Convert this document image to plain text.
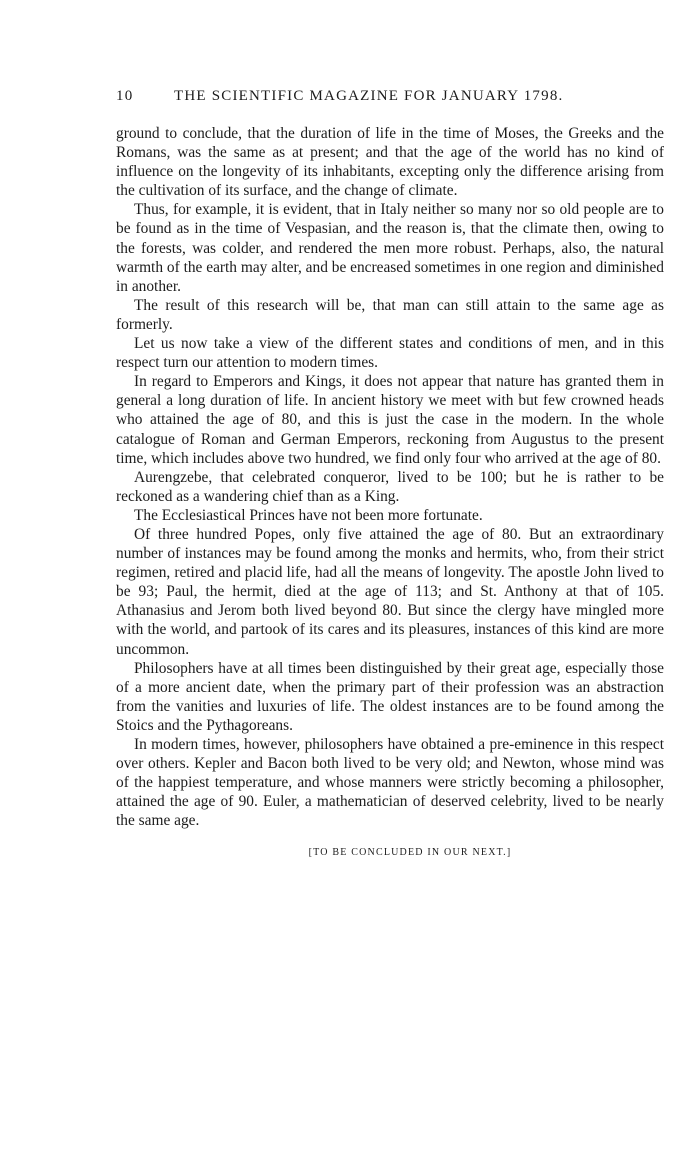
10	THE SCIENTIFIC MAGAZINE FOR JANUARY 1798.

ground to conclude, that the duration of life in the time of Moses, the Greeks and the Romans, was the same as at present; and that the age of the world has no kind of influence on the longevity of its inhabitants, excepting only the difference arising from the cultivation of its surface, and the change of climate.

Thus, for example, it is evident, that in Italy neither so many nor so old people are to be found as in the time of Vespasian, and the reason is, that the climate then, owing to the forests, was colder, and rendered the men more robust. Perhaps, also, the natural warmth of the earth may alter, and be encreased sometimes in one region and diminished in another.

The result of this research will be, that man can still attain to the same age as formerly.

Let us now take a view of the different states and conditions of men, and in this respect turn our attention to modern times.

In regard to Emperors and Kings, it does not appear that nature has granted them in general a long duration of life. In ancient history we meet with but few crowned heads who attained the age of 80, and this is just the case in the modern. In the whole catalogue of Roman and German Emperors, reckoning from Augustus to the present time, which includes above two hundred, we find only four who arrived at the age of 80.

Aurengzebe, that celebrated conqueror, lived to be 100; but he is rather to be reckoned as a wandering chief than as a King.

The Ecclesiastical Princes have not been more fortunate.

Of three hundred Popes, only five attained the age of 80. But an extraordinary number of instances may be found among the monks and hermits, who, from their strict regimen, retired and placid life, had all the means of longevity. The apostle John lived to be 93; Paul, the hermit, died at the age of 113; and St. Anthony at that of 105. Athanasius and Jerom both lived beyond 80. But since the clergy have mingled more with the world, and partook of its cares and its pleasures, instances of this kind are more uncommon.

Philosophers have at all times been distinguished by their great age, especially those of a more ancient date, when the primary part of their profession was an abstraction from the vanities and luxuries of life. The oldest instances are to be found among the Stoics and the Pythagoreans.

In modern times, however, philosophers have obtained a pre-eminence in this respect over others. Kepler and Bacon both lived to be very old; and Newton, whose mind was of the happiest temperature, and whose manners were strictly becoming a philosopher, attained the age of 90. Euler, a mathematician of deserved celebrity, lived to be nearly the same age.

[TO BE CONCLUDED IN OUR NEXT.]
